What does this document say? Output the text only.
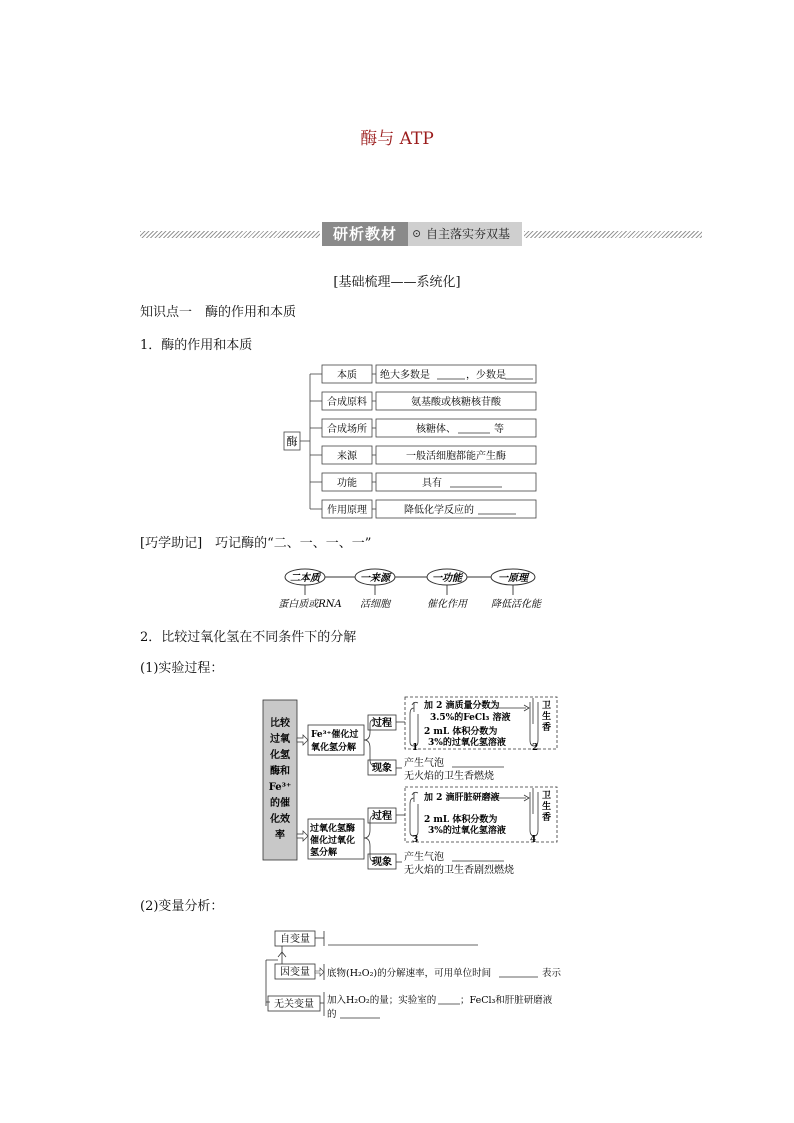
酶与 ATP
研析教材	⊙ 自主落实夯双基
[基础梳理——系统化]
知识点一　酶的作用和本质
1．酶的作用和本质
酶
本质 绝大多数是	，少数是
合成原料	氨基酸或核糖核苷酸
合成场所	核糖体、	等
来源	一般活细胞都能产生酶
功能	具有
作用原理	降低化学反应的
[巧学助记]　巧记酶的“二、一、一、一”
二本质	一来源	一功能	一原理
蛋白质或RNA 活细胞	催化作用 降低活化能
2．比较过氧化氢在不同条件下的分解
(1)实验过程：
比较
过氧
化氢
酶和
Fe³⁺
的催
化效
率
Fe³⁺催化过
氧化氢分解
过程
现象
加 2 滴质量分数为
3.5%的FeCl₃ 溶液
2 mL 体积分数为
3%的过氧化氢溶液
1	2
卫
生
香
产生气泡
无火焰的卫生香燃烧
过氧化氢酶
催化过氧化
氢分解
过程
现象
加 2 滴肝脏研磨液
2 mL 体积分数为
3%的过氧化氢溶液
3	4
卫
生
香
产生气泡
无火焰的卫生香剧烈燃烧
(2)变量分析：
自变量
因变量 底物(H₂O₂)的分解速率，可用单位时间	表示
无关变量 加入H₂O₂的量；实验室的	；FeCl₃和肝脏研磨液
的
